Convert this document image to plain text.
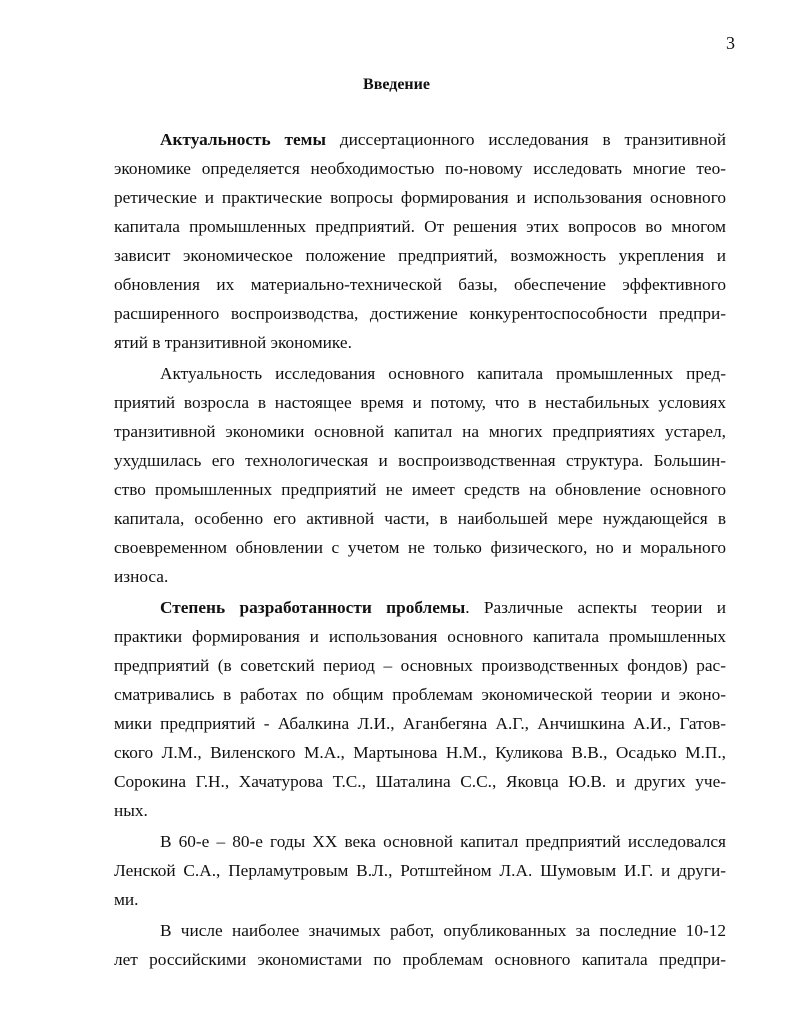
3
Введение
Актуальность темы диссертационного исследования в транзитивной
экономике определяется необходимостью по-новому исследовать многие тео-
ретические и практические вопросы формирования и использования основного
капитала промышленных предприятий. От решения этих вопросов во многом
зависит экономическое положение предприятий, возможность укрепления и
обновления их материально-технической базы, обеспечение эффективного
расширенного воспроизводства, достижение конкурентоспособности предпри-
ятий в транзитивной экономике.
Актуальность исследования основного капитала промышленных пред-
приятий возросла в настоящее время и потому, что в нестабильных условиях
транзитивной экономики основной капитал на многих предприятиях устарел,
ухудшилась его технологическая и воспроизводственная структура. Большин-
ство промышленных предприятий не имеет средств на обновление основного
капитала, особенно его активной части, в наибольшей мере нуждающейся в
своевременном обновлении с учетом не только физического, но и морального
износа.
Степень разработанности проблемы. Различные аспекты теории и
практики формирования и использования основного капитала промышленных
предприятий (в советский период – основных производственных фондов) рас-
сматривались в работах по общим проблемам экономической теории и эконо-
мики предприятий - Абалкина Л.И., Аганбегяна А.Г., Анчишкина А.И., Гатов-
ского Л.М., Виленского М.А., Мартынова Н.М., Куликова В.В., Осадько М.П.,
Сорокина Г.Н., Хачатурова Т.С., Шаталина С.С., Яковца Ю.В. и других уче-
ных.
В 60-е – 80-е годы XX века основной капитал предприятий исследовался
Ленской С.А., Перламутровым В.Л., Ротштейном Л.А. Шумовым И.Г. и други-
ми.
В числе наиболее значимых работ, опубликованных за последние 10-12
лет российскими экономистами по проблемам основного капитала предпри-
